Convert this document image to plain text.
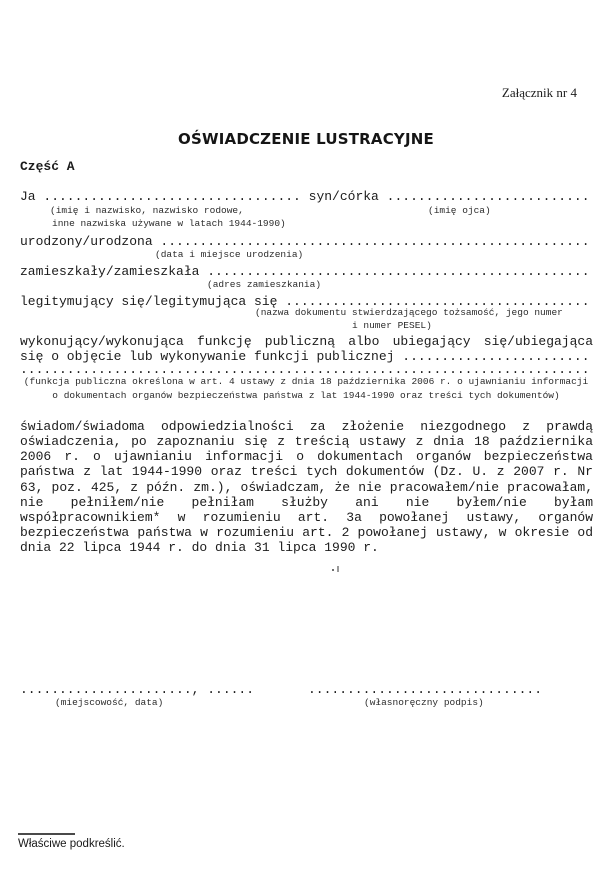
Załącznik nr 4
OŚWIADCZENIE LUSTRACYJNE
Część A
Ja ................................. syn/córka ..........................
(imię i nazwisko, nazwisko rodowe,	(imię ojca)
inne nazwiska używane w latach 1944-1990)
urodzony/urodzona .......................................................
(data i miejsce urodzenia)
zamieszkały/zamieszkała .................................................
(adres zamieszkania)
legitymujący się/legitymująca się .......................................
(nazwa dokumentu stwierdzającego tożsamość, jego numer
i numer PESEL)
wykonujący/wykonująca funkcję publiczną albo ubiegający się/ubiegająca
się o objęcie lub wykonywanie funkcji publicznej ........................
.........................................................................
(funkcja publiczna określona w art. 4 ustawy z dnia 18 października 2006 r. o ujawnianiu informacji
o dokumentach organów bezpieczeństwa państwa z lat 1944-1990 oraz treści tych dokumentów)
świadom/świadoma odpowiedzialności za złożenie niezgodnego z prawdą
oświadczenia, po zapoznaniu się z treścią ustawy z dnia 18 października
2006 r. o ujawnianiu informacji o dokumentach organów bezpieczeństwa
państwa z lat 1944-1990 oraz treści tych dokumentów (Dz. U. z 2007 r. Nr
63, poz. 425, z późn. zm.), oświadczam, że nie pracowałem/nie pracowałam,
nie pełniłem/nie pełniłam służby ani nie byłem/nie byłam
współpracownikiem* w rozumieniu art. 3a powołanej ustawy, organów
bezpieczeństwa państwa w rozumieniu art. 2 powołanej ustawy, w okresie od
dnia 22 lipca 1944 r. do dnia 31 lipca 1990 r.
......................, ......
(miejscowość, data)
..............................
(własnoręczny podpis)
Właściwe podkreślić.
